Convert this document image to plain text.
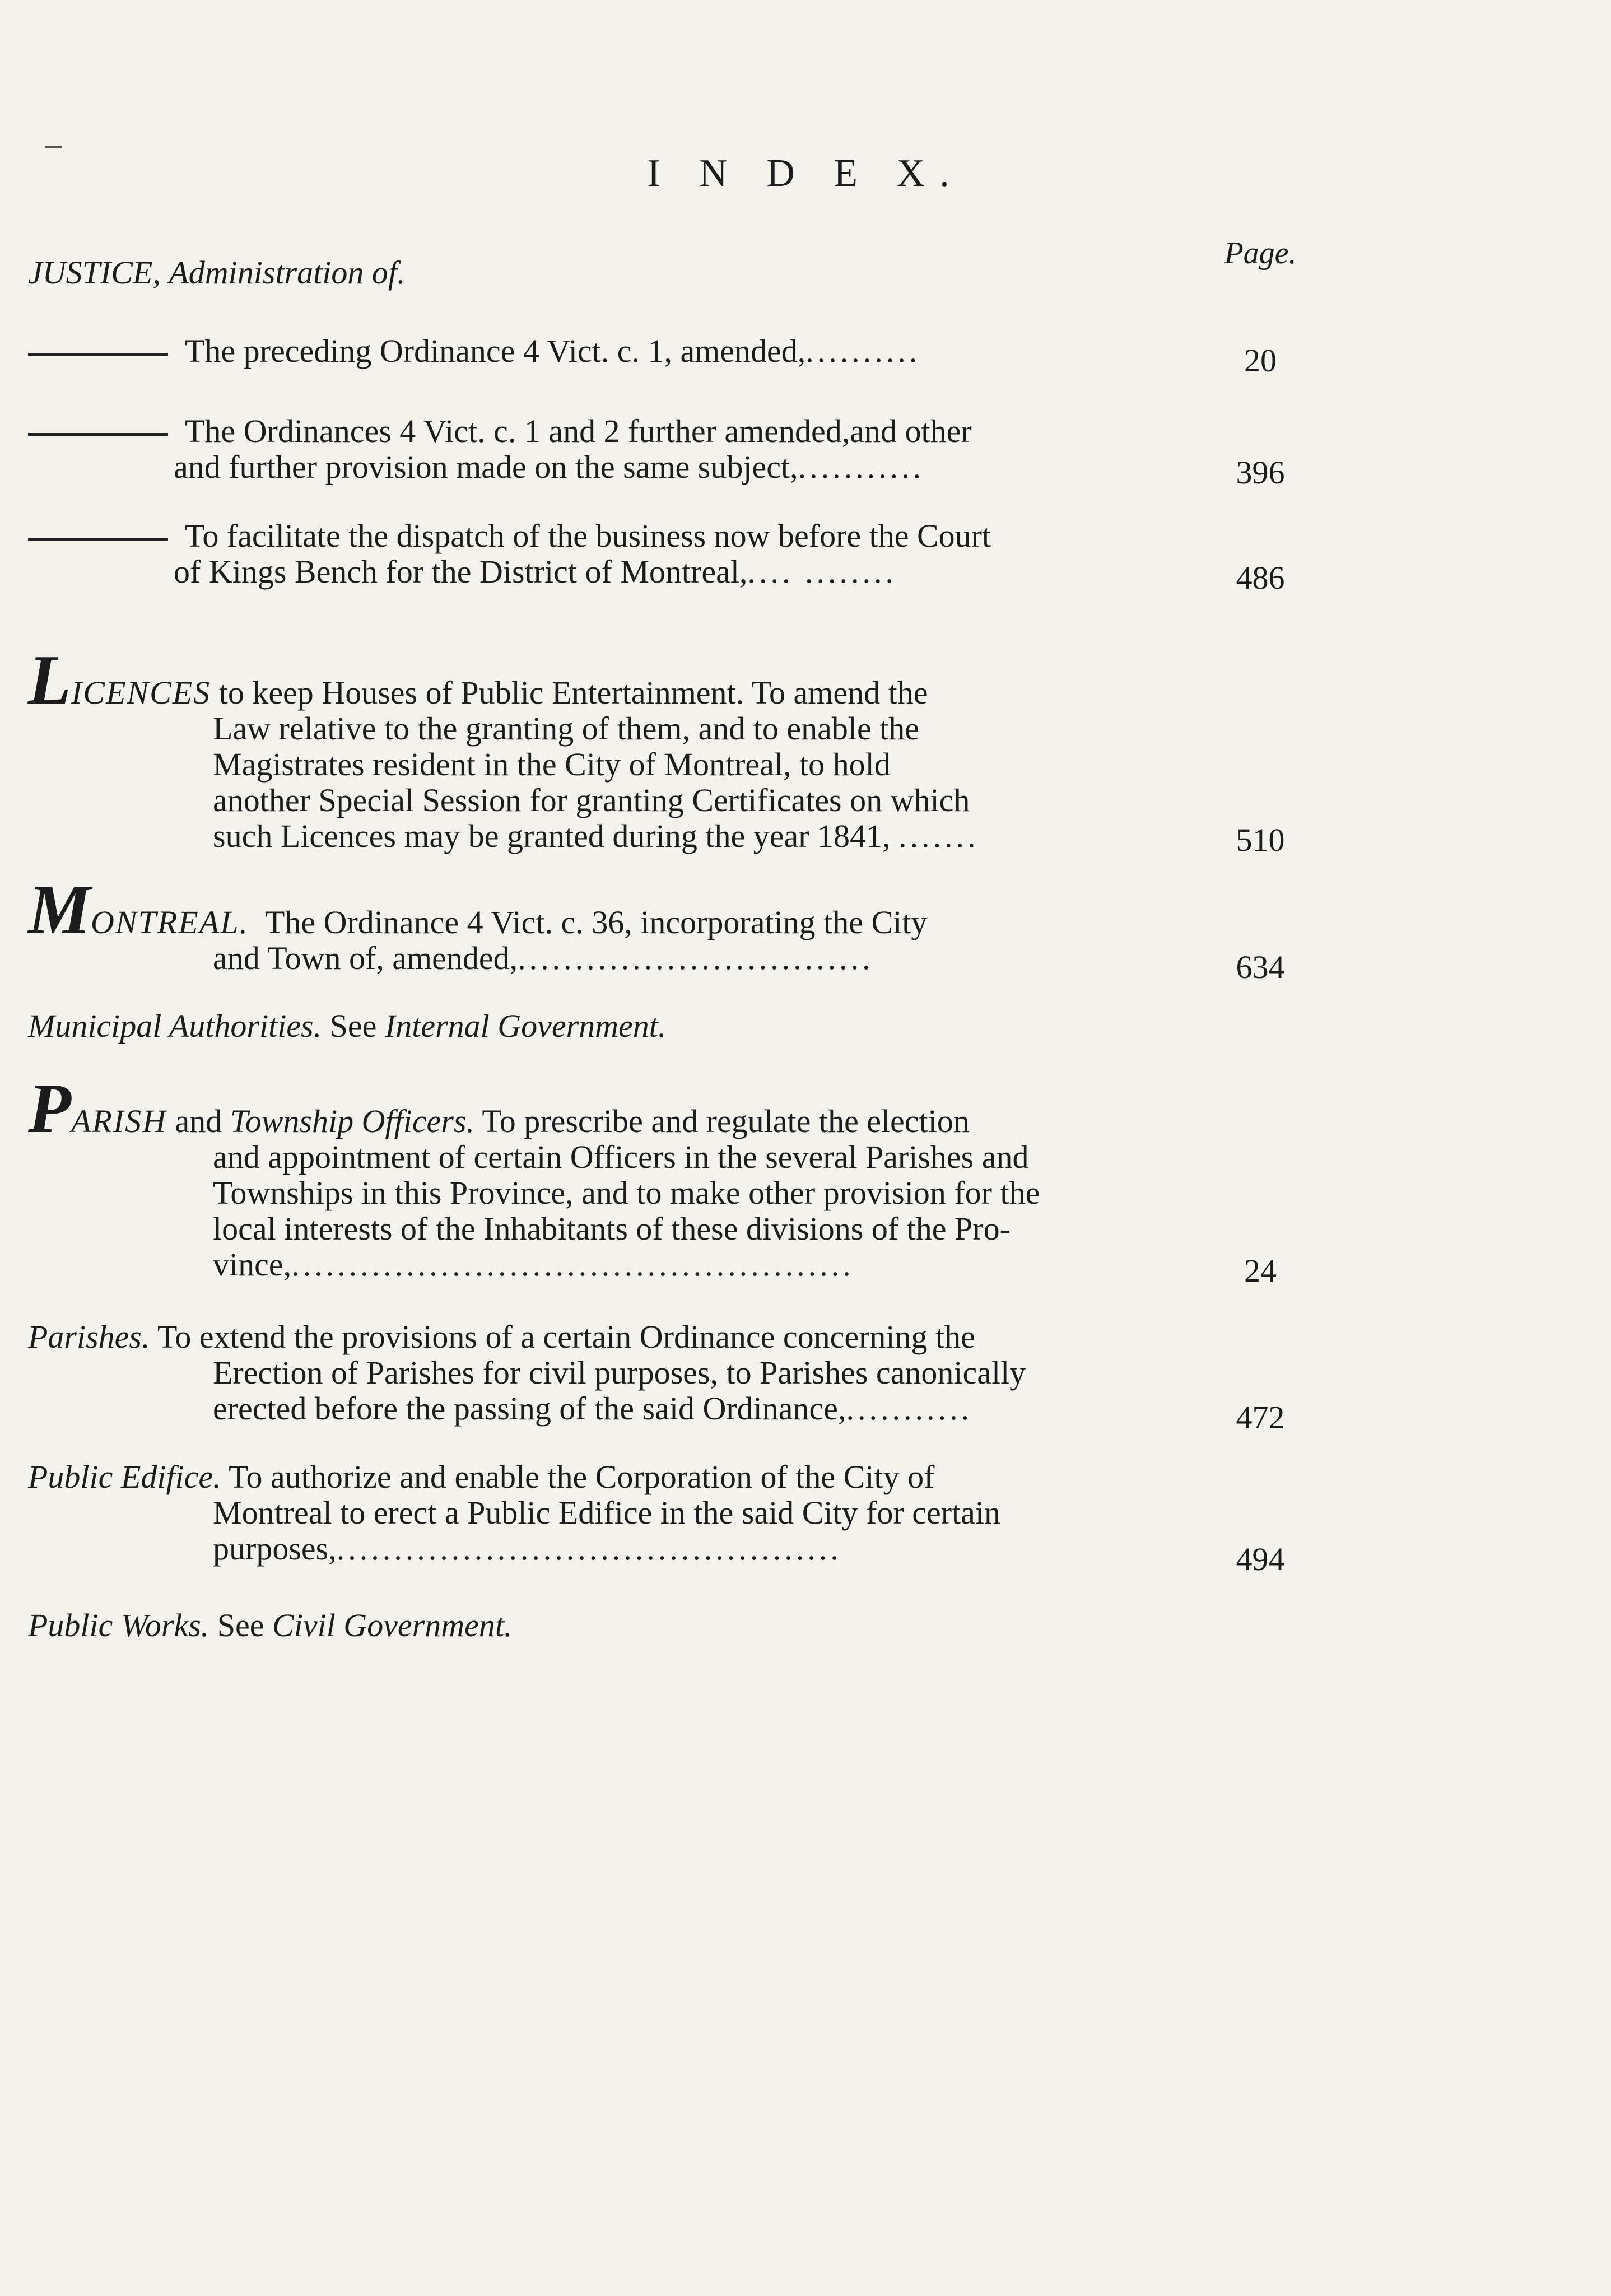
I N D E X.
Page.
JUSTICE, Administration of.
The preceding Ordinance 4 Vict. c. 1, amended,..........	20
The Ordinances 4 Vict. c. 1 and 2 further amended,and other
and further provision made on the same subject,...........	396
To facilitate the dispatch of the business now before the Court
of Kings Bench for the District of Montreal,.... ........	486
LICENCES to keep Houses of Public Entertainment. To amend the
Law relative to the granting of them, and to enable the
Magistrates resident in the City of Montreal, to hold
another Special Session for granting Certificates on which
such Licences may be granted during the year 1841, .......	510
MONTREAL. The Ordinance 4 Vict. c. 36, incorporating the City
and Town of, amended,...............................	634
Municipal Authorities. See Internal Government.
PARISH and Township Officers. To prescribe and regulate the election
and appointment of certain Officers in the several Parishes and
Townships in this Province, and to make other provision for the
local interests of the Inhabitants of these divisions of the Pro-
vince,.................................................	24
Parishes. To extend the provisions of a certain Ordinance concerning the
Erection of Parishes for civil purposes, to Parishes canonically
erected before the passing of the said Ordinance,...........	472
Public Edifice. To authorize and enable the Corporation of the City of
Montreal to erect a Public Edifice in the said City for certain
purposes,............................................	494
Public Works. See Civil Government.
